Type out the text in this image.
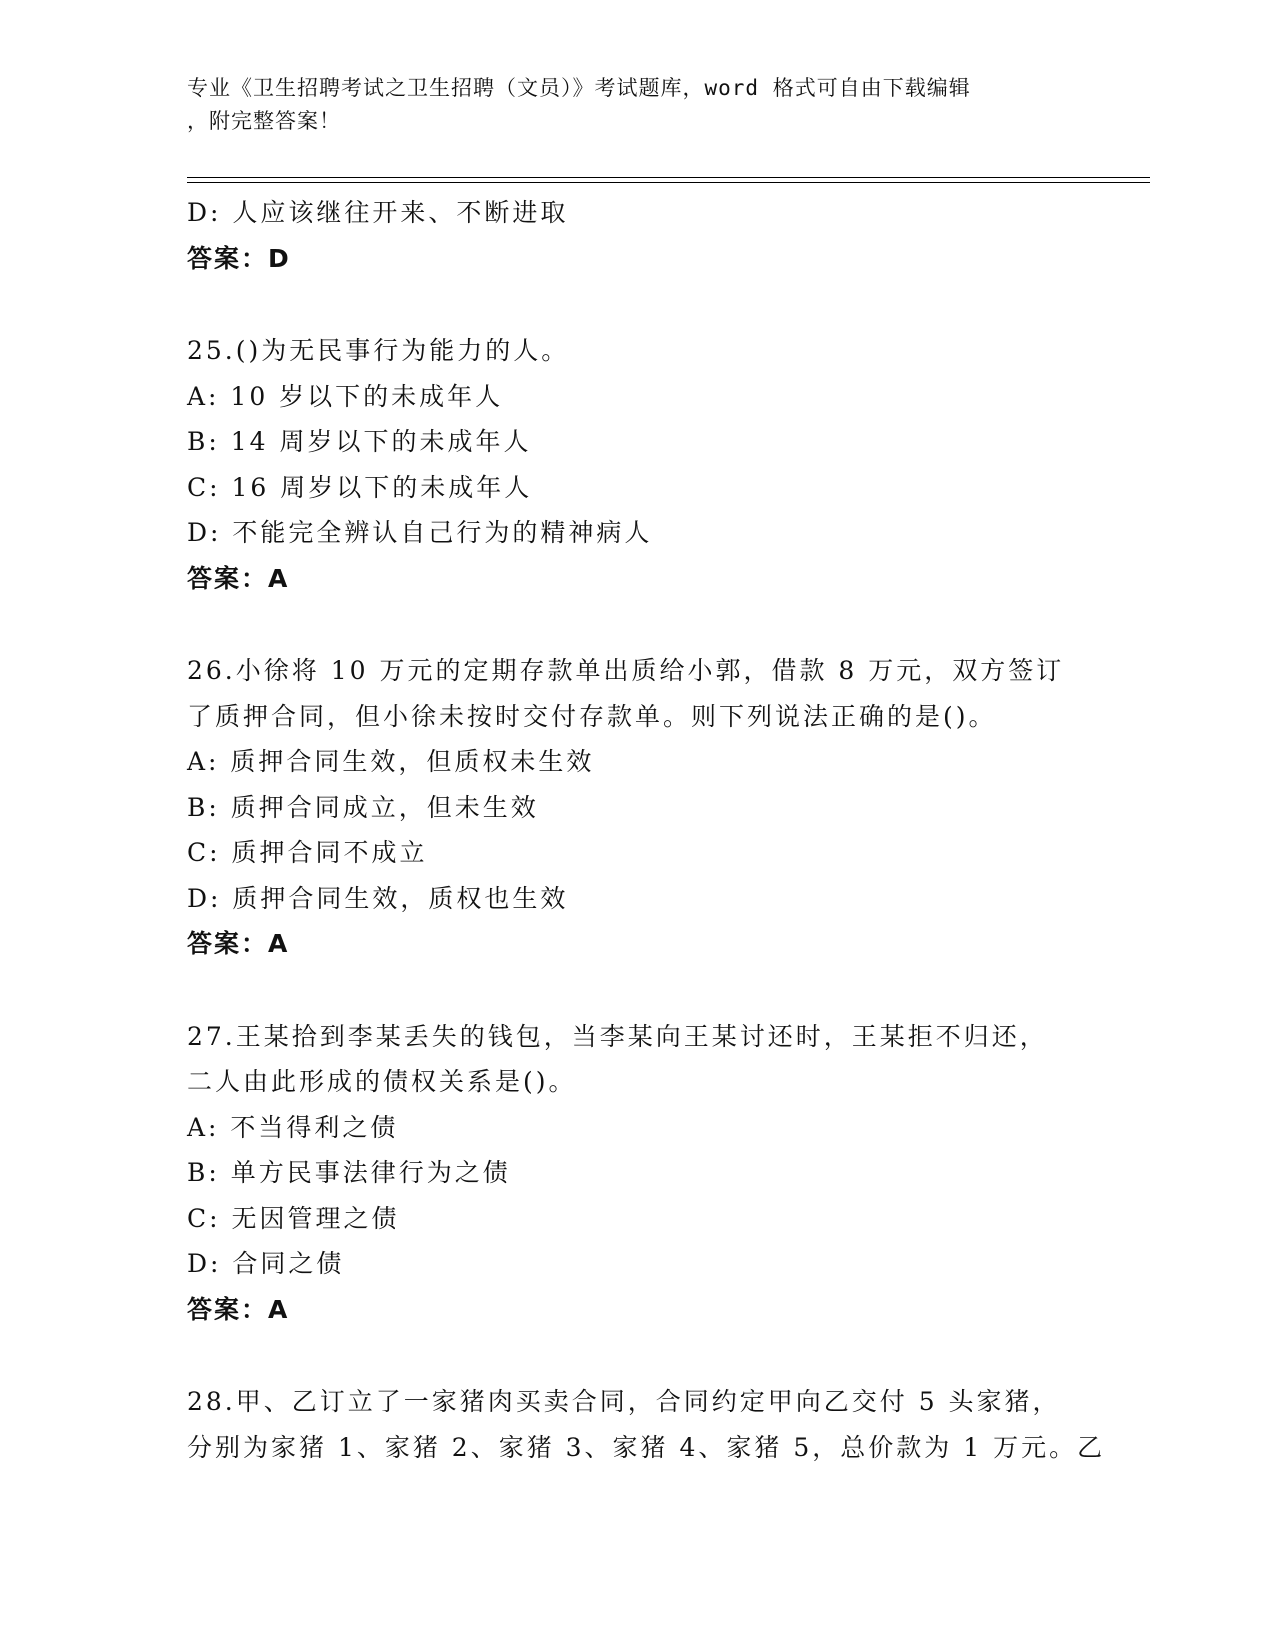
专业《卫生招聘考试之卫生招聘（文员）》考试题库，word 格式可自由下载编辑
，附完整答案！
D: 人应该继往开来、不断进取
答案：D
25.()为无民事行为能力的人。
A: 10 岁以下的未成年人
B: 14 周岁以下的未成年人
C: 16 周岁以下的未成年人
D: 不能完全辨认自己行为的精神病人
答案：A
26.小徐将 10 万元的定期存款单出质给小郭，借款 8 万元，双方签订
了质押合同，但小徐未按时交付存款单。则下列说法正确的是()。
A: 质押合同生效，但质权未生效
B: 质押合同成立，但未生效
C: 质押合同不成立
D: 质押合同生效，质权也生效
答案：A
27.王某拾到李某丢失的钱包，当李某向王某讨还时，王某拒不归还，
二人由此形成的债权关系是()。
A: 不当得利之债
B: 单方民事法律行为之债
C: 无因管理之债
D: 合同之债
答案：A
28.甲、乙订立了一家猪肉买卖合同，合同约定甲向乙交付 5 头家猪，
分别为家猪 1、家猪 2、家猪 3、家猪 4、家猪 5，总价款为 1 万元。乙
